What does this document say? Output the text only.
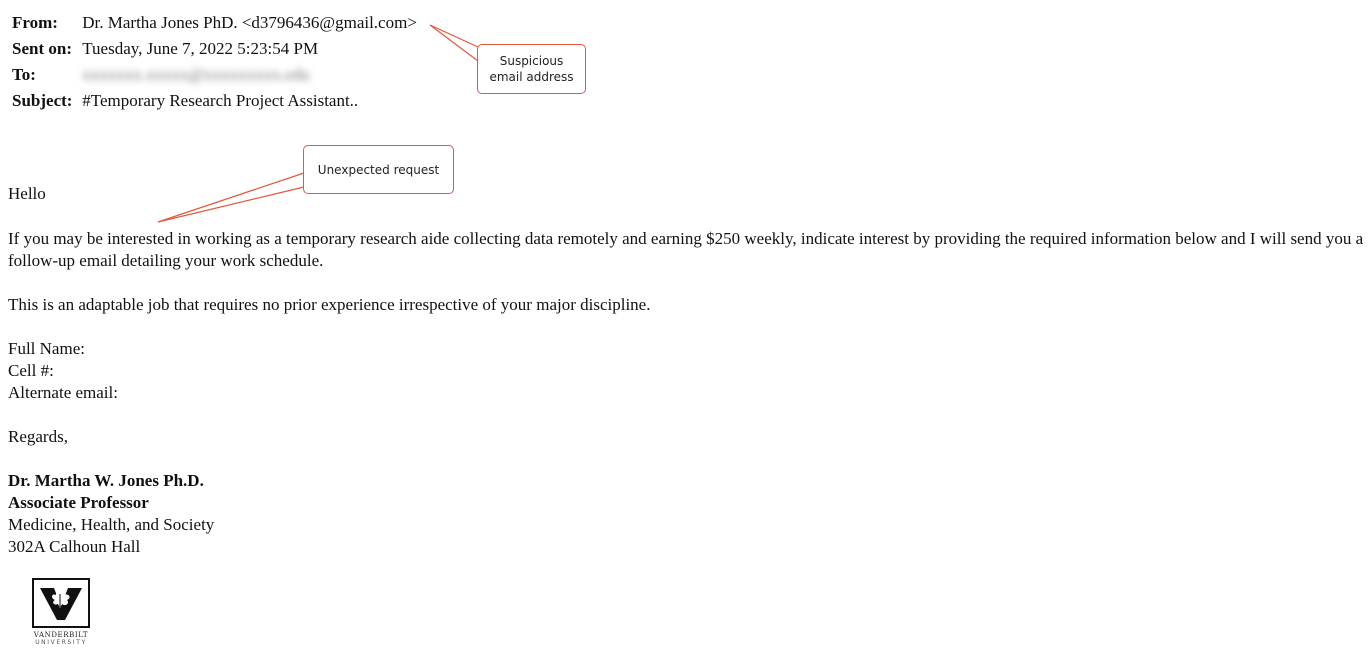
From: Dr. Martha Jones PhD. <d3796436@gmail.com>
Sent on: Tuesday, June 7, 2022 5:23:54 PM
To:	xxxxxxx.xxxxx@xxxxxxxxx.edu
Subject: #Temporary Research Project Assistant..
Suspicious
email address
Unexpected request
Hello
If you may be interested in working as a temporary research aide collecting data remotely and earning $250 weekly, indicate interest by providing the required information below and I will send you a follow-up email detailing your work schedule.
This is an adaptable job that requires no prior experience irrespective of your major discipline.
Full Name:
Cell #:
Alternate email:
Regards,
Dr. Martha W. Jones Ph.D.
Associate Professor
Medicine, Health, and Society
302A Calhoun Hall
VANDERBILT
UNIVERSITY
